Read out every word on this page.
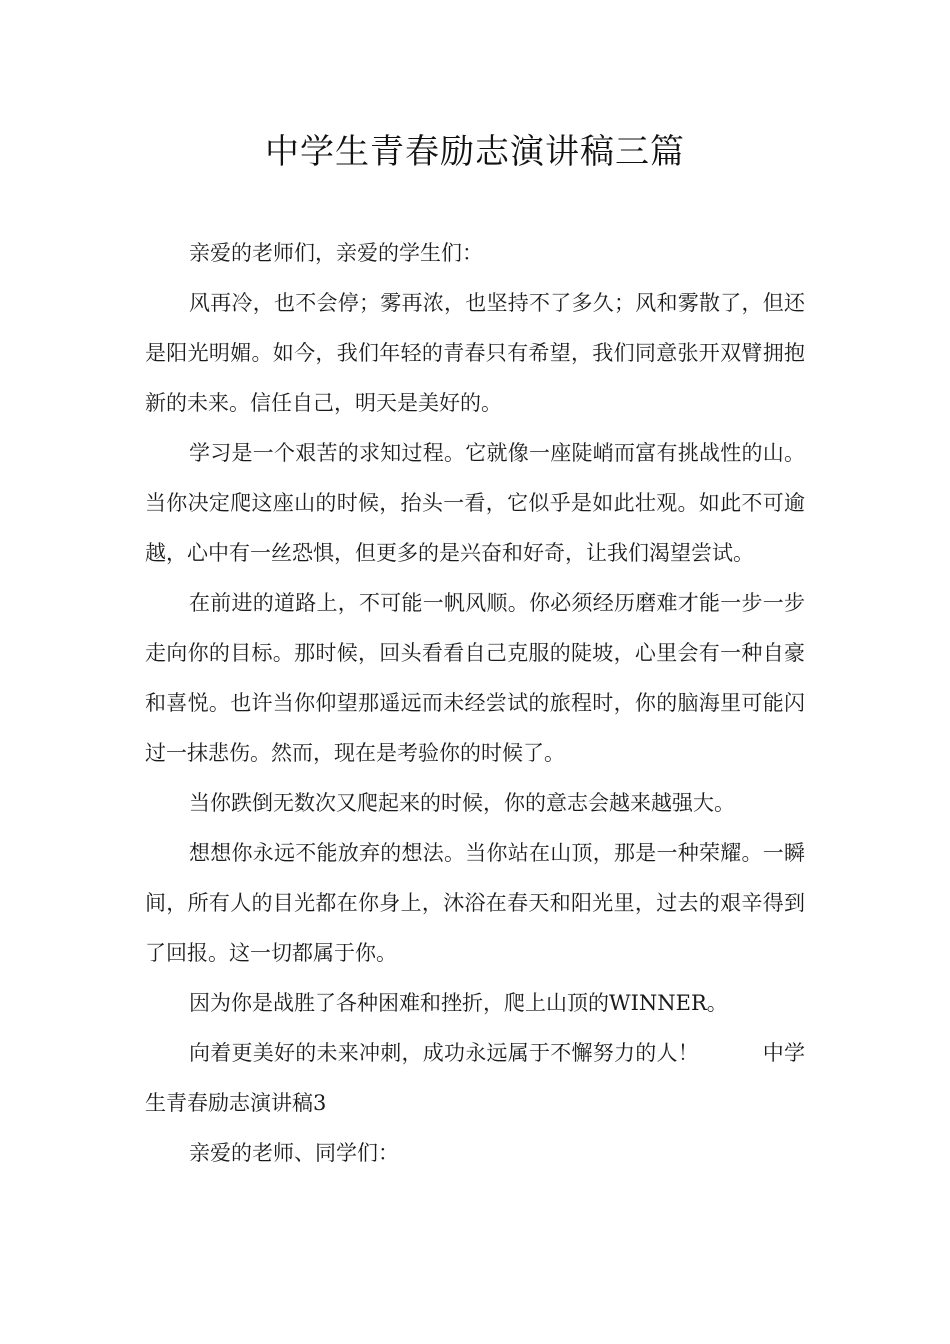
中学生青春励志演讲稿三篇

亲爱的老师们，亲爱的学生们：

风再冷，也不会停；雾再浓，也坚持不了多久；风和雾散了，但还是阳光明媚。如今，我们年轻的青春只有希望，我们同意张开双臂拥抱新的未来。信任自己，明天是美好的。

学习是一个艰苦的求知过程。它就像一座陡峭而富有挑战性的山。当你决定爬这座山的时候，抬头一看，它似乎是如此壮观。如此不可逾越，心中有一丝恐惧，但更多的是兴奋和好奇，让我们渴望尝试。

在前进的道路上，不可能一帆风顺。你必须经历磨难才能一步一步走向你的目标。那时候，回头看看自己克服的陡坡，心里会有一种自豪和喜悦。也许当你仰望那遥远而未经尝试的旅程时，你的脑海里可能闪过一抹悲伤。然而，现在是考验你的时候了。

当你跌倒无数次又爬起来的时候，你的意志会越来越强大。

想想你永远不能放弃的想法。当你站在山顶，那是一种荣耀。一瞬间，所有人的目光都在你身上，沐浴在春天和阳光里，过去的艰辛得到了回报。这一切都属于你。

因为你是战胜了各种困难和挫折，爬上山顶的WINNER。

向着更美好的未来冲刺，成功永远属于不懈努力的人！　　　中学生青春励志演讲稿3

亲爱的老师、同学们：
